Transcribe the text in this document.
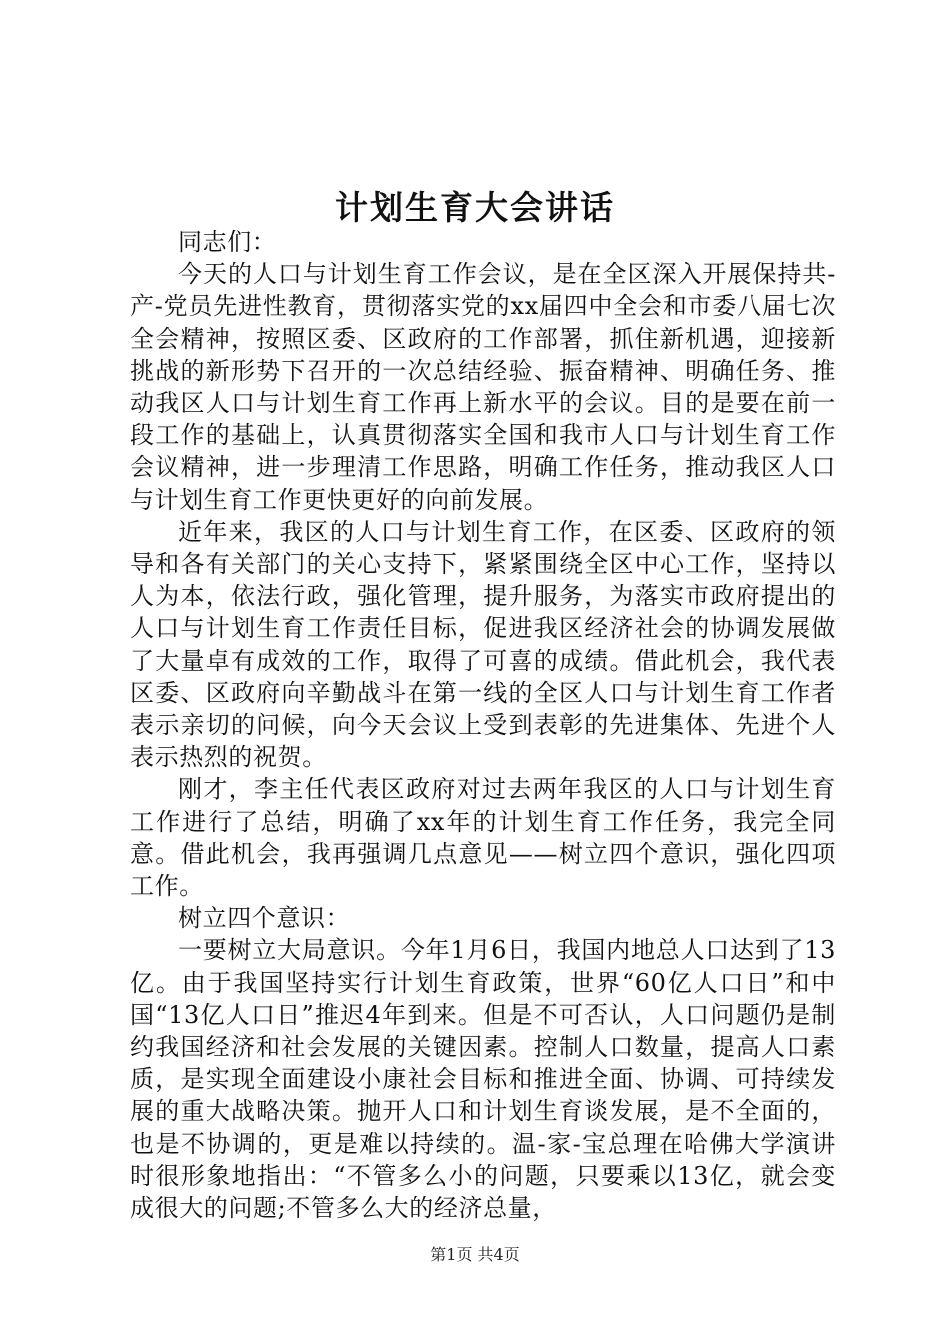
计划生育大会讲话

同志们：

今天的人口与计划生育工作会议，是在全区深入开展保持共-产-党员先进性教育，贯彻落实党的xx届四中全会和市委八届七次全会精神，按照区委、区政府的工作部署，抓住新机遇，迎接新挑战的新形势下召开的一次总结经验、振奋精神、明确任务、推动我区人口与计划生育工作再上新水平的会议。目的是要在前一段工作的基础上，认真贯彻落实全国和我市人口与计划生育工作会议精神，进一步理清工作思路，明确工作任务，推动我区人口与计划生育工作更快更好的向前发展。

近年来，我区的人口与计划生育工作，在区委、区政府的领导和各有关部门的关心支持下，紧紧围绕全区中心工作，坚持以人为本，依法行政，强化管理，提升服务，为落实市政府提出的人口与计划生育工作责任目标，促进我区经济社会的协调发展做了大量卓有成效的工作，取得了可喜的成绩。借此机会，我代表区委、区政府向辛勤战斗在第一线的全区人口与计划生育工作者表示亲切的问候，向今天会议上受到表彰的先进集体、先进个人表示热烈的祝贺。

刚才，李主任代表区政府对过去两年我区的人口与计划生育工作进行了总结，明确了xx年的计划生育工作任务，我完全同意。借此机会，我再强调几点意见——树立四个意识，强化四项工作。

树立四个意识：

一要树立大局意识。今年1月6日，我国内地总人口达到了13亿。由于我国坚持实行计划生育政策，世界“60亿人口日”和中国“13亿人口日”推迟4年到来。但是不可否认，人口问题仍是制约我国经济和社会发展的关键因素。控制人口数量，提高人口素质，是实现全面建设小康社会目标和推进全面、协调、可持续发展的重大战略决策。抛开人口和计划生育谈发展，是不全面的，也是不协调的，更是难以持续的。温-家-宝总理在哈佛大学演讲时很形象地指出：“不管多么小的问题，只要乘以13亿，就会变成很大的问题;不管多么大的经济总量，

第1页 共4页
